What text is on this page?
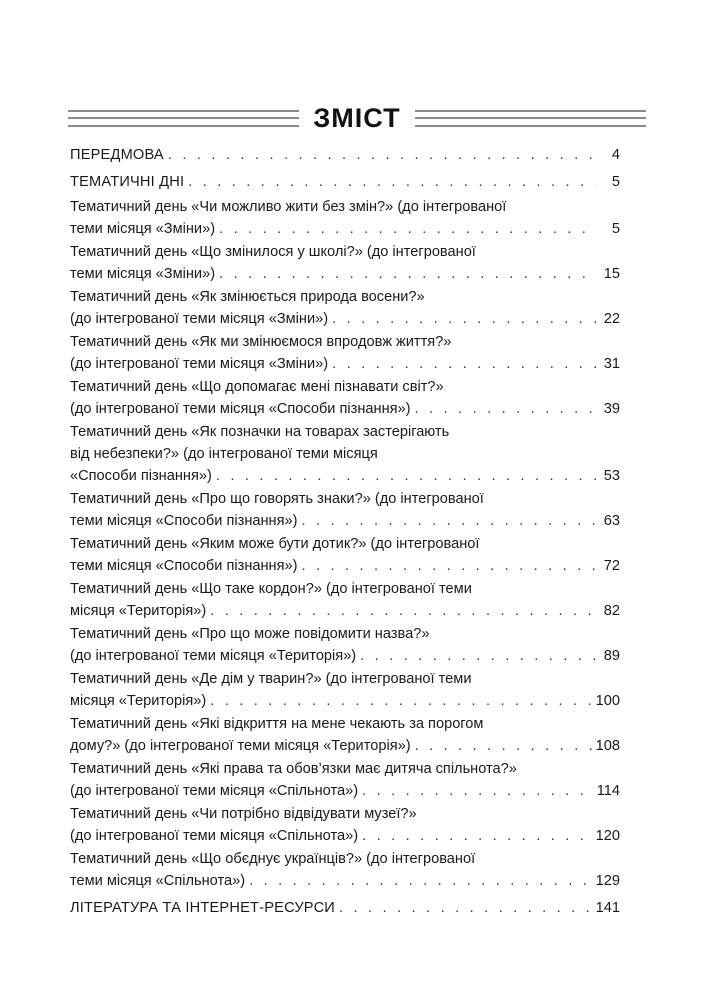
ЗМІСТ
ПЕРЕДМОВА . . .	4
ТЕМАТИЧНІ ДНІ . . .	5
Тематичний день «Чи можливо жити без змін?» (до інтегрованої
теми місяця «Зміни») . . .	5
Тематичний день «Що змінилося у школі?» (до інтегрованої
теми місяця «Зміни») . . .	15
Тематичний день «Як змінюється природа восени?»
(до інтегрованої теми місяця «Зміни») . . .	22
Тематичний день «Як ми змінюємося впродовж життя?»
(до інтегрованої теми місяця «Зміни») . . .	31
Тематичний день «Що допомагає мені пізнавати світ?»
(до інтегрованої теми місяця «Способи пізнання») . . .	39
Тематичний день «Як позначки на товарах застерігають
від небезпеки?» (до інтегрованої теми місяця
«Способи пізнання») . . .	53
Тематичний день «Про що говорять знаки?» (до інтегрованої
теми місяця «Способи пізнання») . . .	63
Тематичний день «Яким може бути дотик?» (до інтегрованої
теми місяця «Способи пізнання») . . .	72
Тематичний день «Що таке кордон?» (до інтегрованої теми
місяця «Територія») . . .	82
Тематичний день «Про що може повідомити назва?»
(до інтегрованої теми місяця «Територія») . . .	89
Тематичний день «Де дім у тварин?» (до інтегрованої теми
місяця «Територія») . . .	100
Тематичний день «Які відкриття на мене чекають за порогом
дому?» (до інтегрованої теми місяця «Територія») . . .	108
Тематичний день «Які права та обов’язки має дитяча спільнота?»
(до інтегрованої теми місяця «Спільнота») . . .	114
Тематичний день «Чи потрібно відвідувати музеї?»
(до інтегрованої теми місяця «Спільнота») . . .	120
Тематичний день «Що обєднує українців?» (до інтегрованої
теми місяця «Спільнота») . . .	129
ЛІТЕРАТУРА ТА ІНТЕРНЕТ-РЕСУРСИ . . .	141
